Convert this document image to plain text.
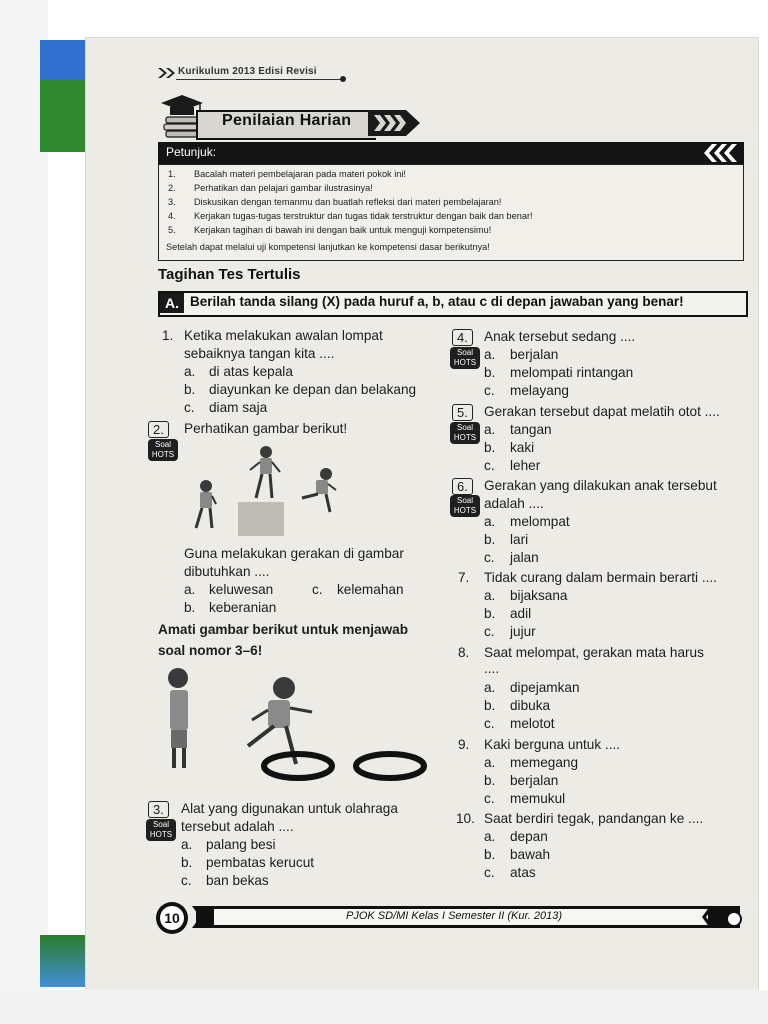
Kurikulum 2013 Edisi Revisi
Penilaian Harian
Petunjuk:
1. Bacalah materi pembelajaran pada materi pokok ini!
2. Perhatikan dan pelajari gambar ilustrasinya!
3. Diskusikan dengan temanmu dan buatlah refleksi dari materi pembelajaran!
4. Kerjakan tugas-tugas terstruktur dan tugas tidak terstruktur dengan baik dan benar!
5. Kerjakan tagihan di bawah ini dengan baik untuk menguji kompetensimu!
Setelah dapat melalui uji kompetensi lanjutkan ke kompetensi dasar berikutnya!
Tagihan Tes Tertulis
A. Berilah tanda silang (X) pada huruf a, b, atau c di depan jawaban yang benar!
1. Ketika melakukan awalan lompat
sebaiknya tangan kita ....
a. di atas kepala
b. diayunkan ke depan dan belakang
c. diam saja
2.	Perhatikan gambar berikut!
Soal
HOTS
Guna melakukan gerakan di gambar
dibutuhkan ....
a. keluwesan	c. kelemahan
b. keberanian
Amati gambar berikut untuk menjawab
soal nomor 3–6!
3.	Alat yang digunakan untuk olahraga
Soal
HOTS
tersebut adalah ....
a. palang besi
b. pembatas kerucut
c. ban bekas
4.	Anak tersebut sedang ....
Soal
HOTS
a. berjalan
b. melompati rintangan
c. melayang
5.	Gerakan tersebut dapat melatih otot ....
Soal
HOTS
a. tangan
b. kaki
c. leher
6.	Gerakan yang dilakukan anak tersebut
Soal
HOTS adalah ....
a. melompat
b. lari
c. jalan
7. Tidak curang dalam bermain berarti ....
a. bijaksana
b. adil
c. jujur
8. Saat melompat, gerakan mata harus
....
a. dipejamkan
b. dibuka
c. melotot
9. Kaki berguna untuk ....
a. memegang
b. berjalan
c. memukul
10. Saat berdiri tegak, pandangan ke ....
a. depan
b. bawah
c. atas
PJOK SD/MI Kelas I Semester II (Kur. 2013)
10
